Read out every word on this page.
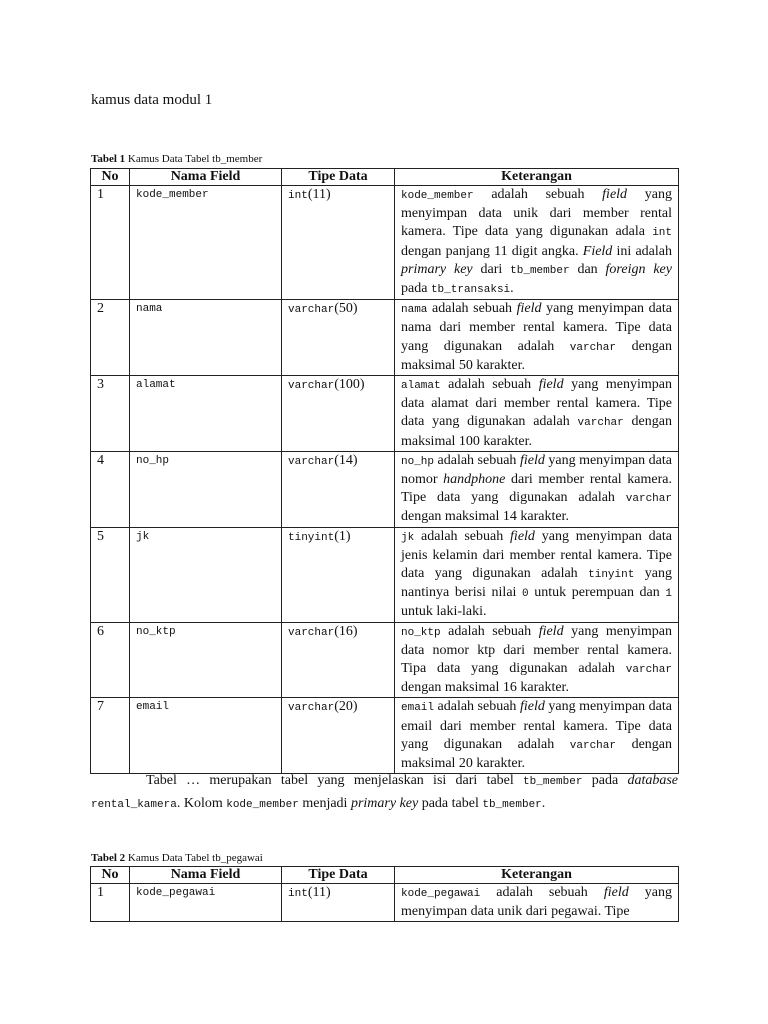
kamus data modul 1
Tabel 1 Kamus Data Tabel tb_member
No	Nama Field	Tipe Data	Keterangan
1	kode_member	int(11)	kode_member adalah sebuah field yang menyimpan data unik dari member rental kamera. Tipe data yang digunakan adala int dengan panjang 11 digit angka. Field ini adalah primary key dari tb_member dan foreign key pada tb_transaksi.
2	nama	varchar(50)	nama adalah sebuah field yang menyimpan data nama dari member rental kamera. Tipe data yang digunakan adalah varchar dengan maksimal 50 karakter.
3	alamat	varchar(100)	alamat adalah sebuah field yang menyimpan data alamat dari member rental kamera. Tipe data yang digunakan adalah varchar dengan maksimal 100 karakter.
4	no_hp	varchar(14)	no_hp adalah sebuah field yang menyimpan data nomor handphone dari member rental kamera. Tipe data yang digunakan adalah varchar dengan maksimal 14 karakter.
5	jk	tinyint(1)	jk adalah sebuah field yang menyimpan data jenis kelamin dari member rental kamera. Tipe data yang digunakan adalah tinyint yang nantinya berisi nilai 0 untuk perempuan dan 1 untuk laki-laki.
6	no_ktp	varchar(16)	no_ktp adalah sebuah field yang menyimpan data nomor ktp dari member rental kamera. Tipa data yang digunakan adalah varchar dengan maksimal 16 karakter.
7	email	varchar(20)	email adalah sebuah field yang menyimpan data email dari member rental kamera. Tipe data yang digunakan adalah varchar dengan maksimal 20 karakter.

Tabel … merupakan tabel yang menjelaskan isi dari tabel tb_member pada database rental_kamera. Kolom kode_member menjadi primary key pada tabel tb_member.

Tabel 2 Kamus Data Tabel tb_pegawai
No	Nama Field	Tipe Data	Keterangan
1	kode_pegawai	int(11)	kode_pegawai adalah sebuah field yang menyimpan data unik dari pegawai. Tipe
